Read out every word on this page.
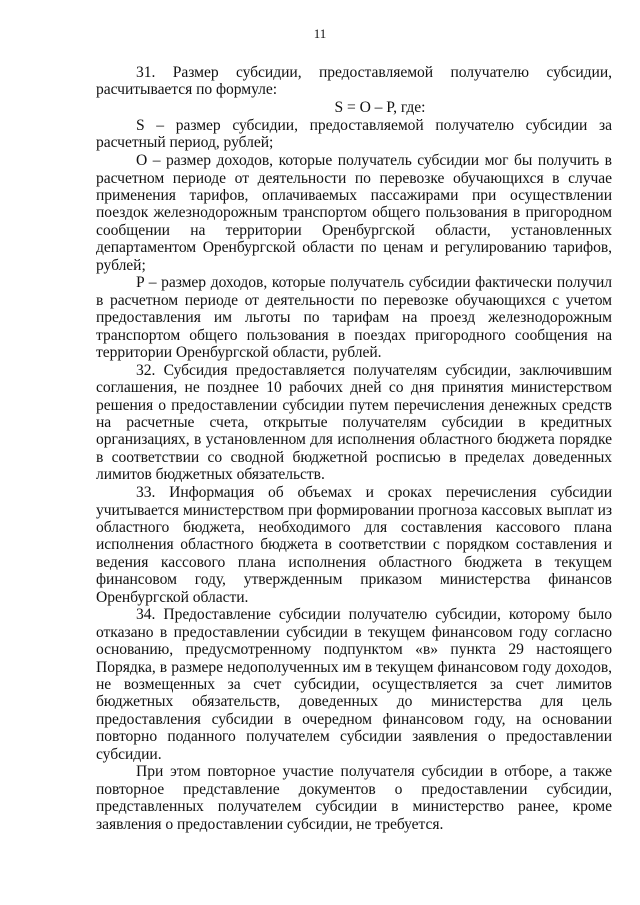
11

31. Размер субсидии, предоставляемой получателю субсидии, расчитывается по формуле:

S = O – P, где:

S – размер субсидии, предоставляемой получателю субсидии за расчетный период, рублей;

O – размер доходов, которые получатель субсидии мог бы получить в расчетном периоде от деятельности по перевозке обучающихся в случае применения тарифов, оплачиваемых пассажирами при осуществлении поездок железнодорожным транспортом общего пользования в пригородном сообщении на территории Оренбургской области, установленных департаментом Оренбургской области по ценам и регулированию тарифов, рублей;

P – размер доходов, которые получатель субсидии фактически получил в расчетном периоде от деятельности по перевозке обучающихся с учетом предоставления им льготы по тарифам на проезд железнодорожным транспортом общего пользования в поездах пригородного сообщения на территории Оренбургской области, рублей.

32. Субсидия предоставляется получателям субсидии, заключившим соглашения, не позднее 10 рабочих дней со дня принятия министерством решения о предоставлении субсидии путем перечисления денежных средств на расчетные счета, открытые получателям субсидии в кредитных организациях, в установленном для исполнения областного бюджета порядке в соответствии со сводной бюджетной росписью в пределах доведенных лимитов бюджетных обязательств.

33. Информация об объемах и сроках перечисления субсидии учитывается министерством при формировании прогноза кассовых выплат из областного бюджета, необходимого для составления кассового плана исполнения областного бюджета в соответствии с порядком составления и ведения кассового плана исполнения областного бюджета в текущем финансовом году, утвержденным приказом министерства финансов Оренбургской области.

34. Предоставление субсидии получателю субсидии, которому было отказано в предоставлении субсидии в текущем финансовом году согласно основанию, предусмотренному подпунктом «в» пункта 29 настоящего Порядка, в размере недополученных им в текущем финансовом году доходов, не возмещенных за счет субсидии, осуществляется за счет лимитов бюджетных обязательств, доведенных до министерства для цель предоставления субсидии в очередном финансовом году, на основании повторно поданного получателем субсидии заявления о предоставлении субсидии.

При этом повторное участие получателя субсидии в отборе, а также повторное представление документов о предоставлении субсидии, представленных получателем субсидии в министерство ранее, кроме заявления о предоставлении субсидии, не требуется.
